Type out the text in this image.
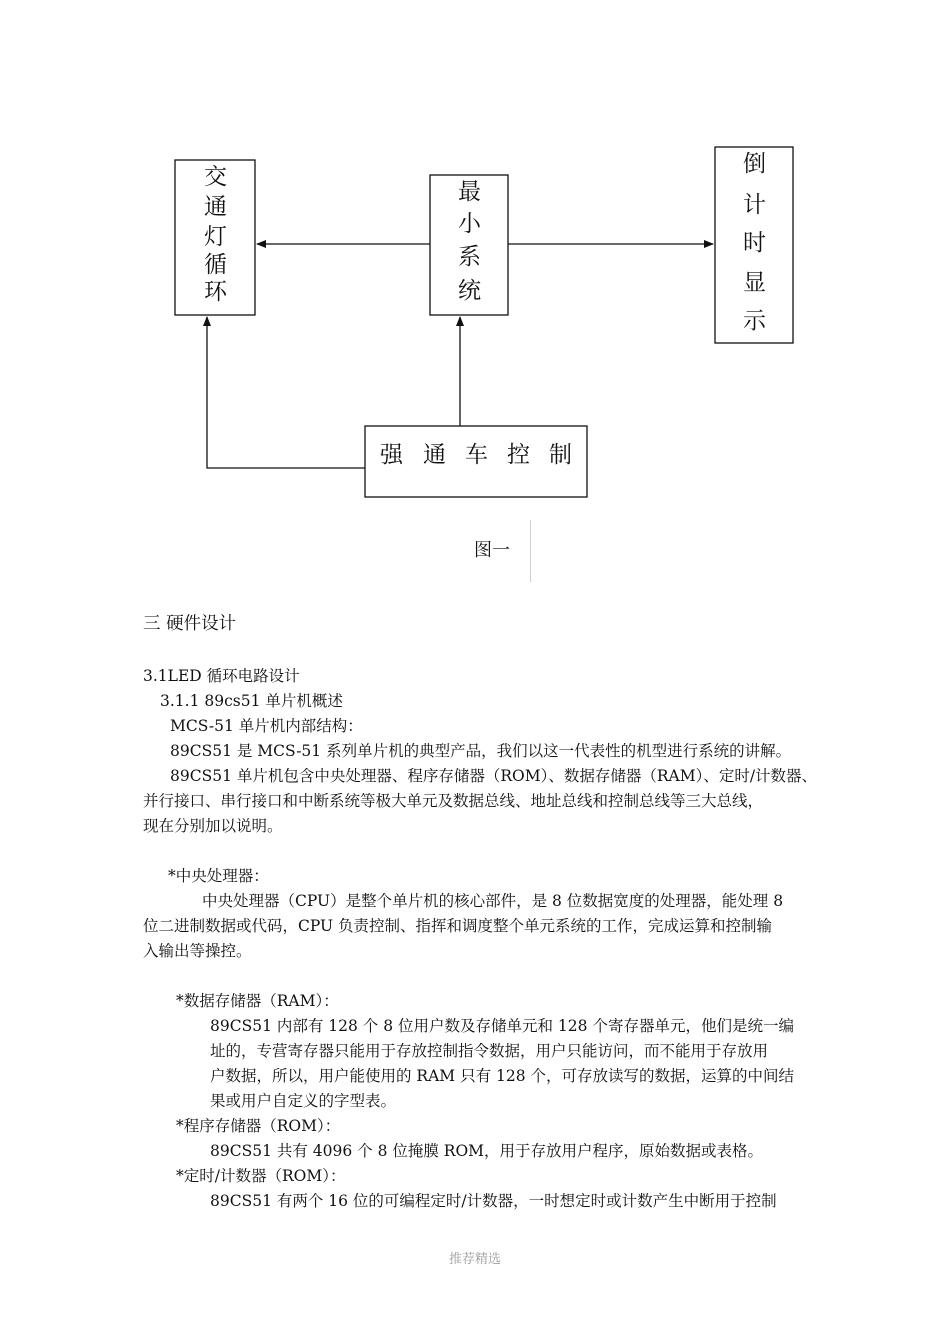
交
通
灯
循
环
最
小
系
统
倒
计
时
显
示
强 通 车 控 制
图一
三 硬件设计
3.1LED 循环电路设计
3.1.1 89cs51 单片机概述
MCS-51 单片机内部结构：
89CS51 是 MCS-51 系列单片机的典型产品，我们以这一代表性的机型进行系统的讲解。
89CS51 单片机包含中央处理器、程序存储器（ROM）、数据存储器（RAM）、定时/计数器、
并行接口、串行接口和中断系统等极大单元及数据总线、地址总线和控制总线等三大总线，
现在分别加以说明。
*中央处理器：
中央处理器（CPU）是整个单片机的核心部件，是 8 位数据宽度的处理器，能处理 8
位二进制数据或代码，CPU 负责控制、指挥和调度整个单元系统的工作，完成运算和控制输
入输出等操控。
*数据存储器（RAM）：
89CS51 内部有 128 个 8 位用户数及存储单元和 128 个寄存器单元，他们是统一编
址的，专营寄存器只能用于存放控制指令数据，用户只能访问，而不能用于存放用
户数据，所以，用户能使用的 RAM 只有 128 个，可存放读写的数据，运算的中间结
果或用户自定义的字型表。
*程序存储器（ROM）：
89CS51 共有 4096 个 8 位掩膜 ROM，用于存放用户程序，原始数据或表格。
*定时/计数器（ROM）：
89CS51 有两个 16 位的可编程定时/计数器，一时想定时或计数产生中断用于控制
推荐精选
